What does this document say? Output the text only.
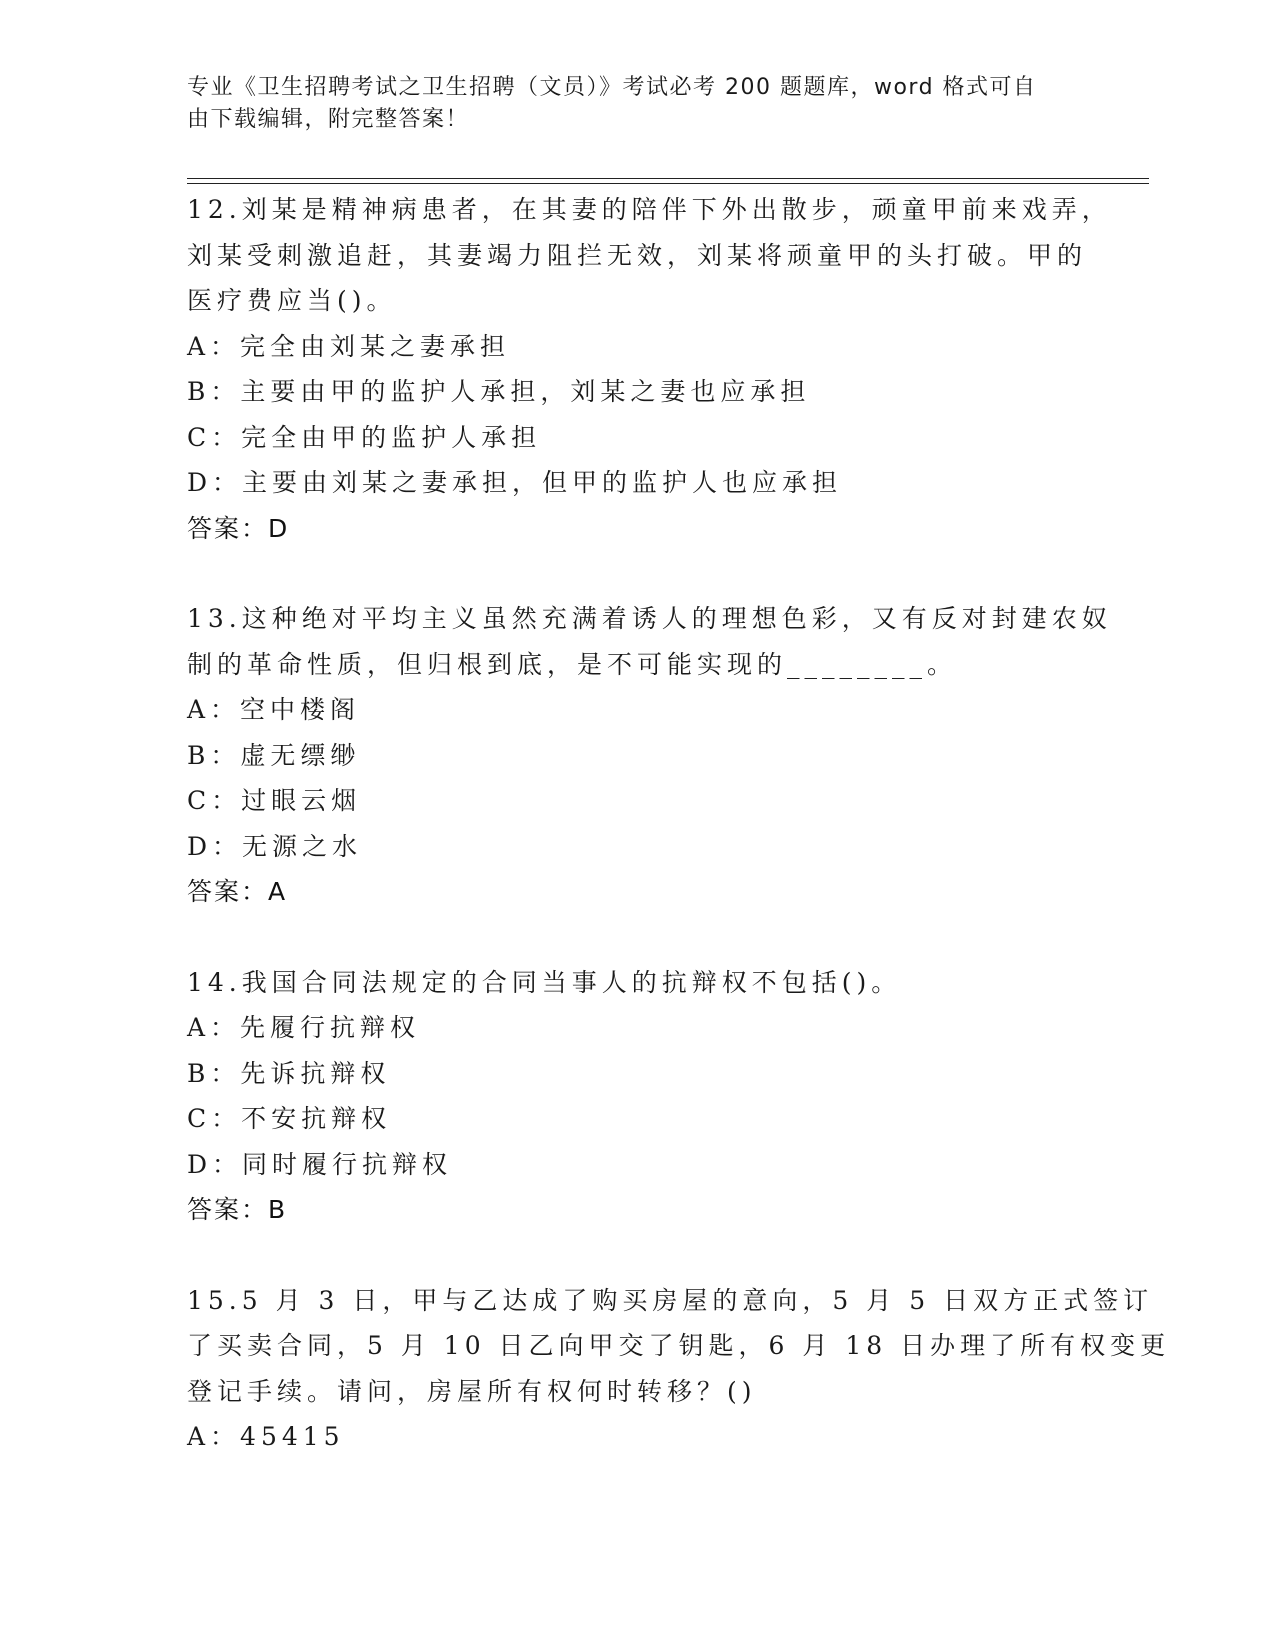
专业《卫生招聘考试之卫生招聘（文员）》考试必考 200 题题库，word 格式可自
由下载编辑，附完整答案！
12.刘某是精神病患者，在其妻的陪伴下外出散步，顽童甲前来戏弄，
刘某受刺激追赶，其妻竭力阻拦无效，刘某将顽童甲的头打破。甲的
医疗费应当()。
A：完全由刘某之妻承担
B：主要由甲的监护人承担，刘某之妻也应承担
C：完全由甲的监护人承担
D：主要由刘某之妻承担，但甲的监护人也应承担
答案：D
13.这种绝对平均主义虽然充满着诱人的理想色彩，又有反对封建农奴
制的革命性质，但归根到底，是不可能实现的________。
A：空中楼阁
B：虚无缥缈
C：过眼云烟
D：无源之水
答案：A
14.我国合同法规定的合同当事人的抗辩权不包括()。
A：先履行抗辩权
B：先诉抗辩权
C：不安抗辩权
D：同时履行抗辩权
答案：B
15.5 月 3 日，甲与乙达成了购买房屋的意向，5 月 5 日双方正式签订
了买卖合同，5 月 10 日乙向甲交了钥匙，6 月 18 日办理了所有权变更
登记手续。请问，房屋所有权何时转移？()
A：45415
